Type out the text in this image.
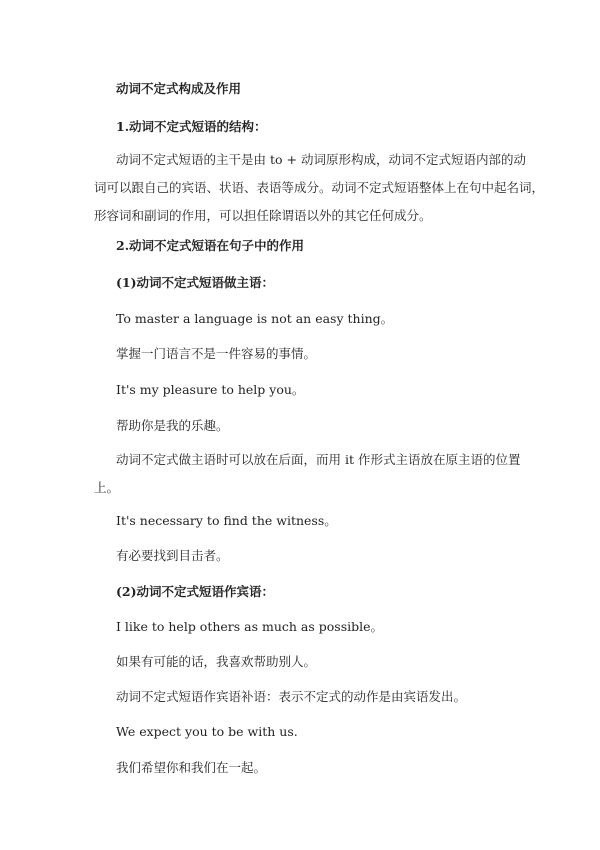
动词不定式构成及作用
1.动词不定式短语的结构：
动词不定式短语的主干是由 to + 动词原形构成，动词不定式短语内部的动
词可以跟自己的宾语、状语、表语等成分。动词不定式短语整体上在句中起名词，
形容词和副词的作用，可以担任除谓语以外的其它任何成分。
2.动词不定式短语在句子中的作用
(1)动词不定式短语做主语：
To master a language is not an easy thing。
掌握一门语言不是一件容易的事情。
It's my pleasure to help you。
帮助你是我的乐趣。
动词不定式做主语时可以放在后面，而用 it 作形式主语放在原主语的位置
上。
It's necessary to find the witness。
有必要找到目击者。
(2)动词不定式短语作宾语：
I like to help others as much as possible。
如果有可能的话，我喜欢帮助别人。
动词不定式短语作宾语补语：表示不定式的动作是由宾语发出。
We expect you to be with us.
我们希望你和我们在一起。
